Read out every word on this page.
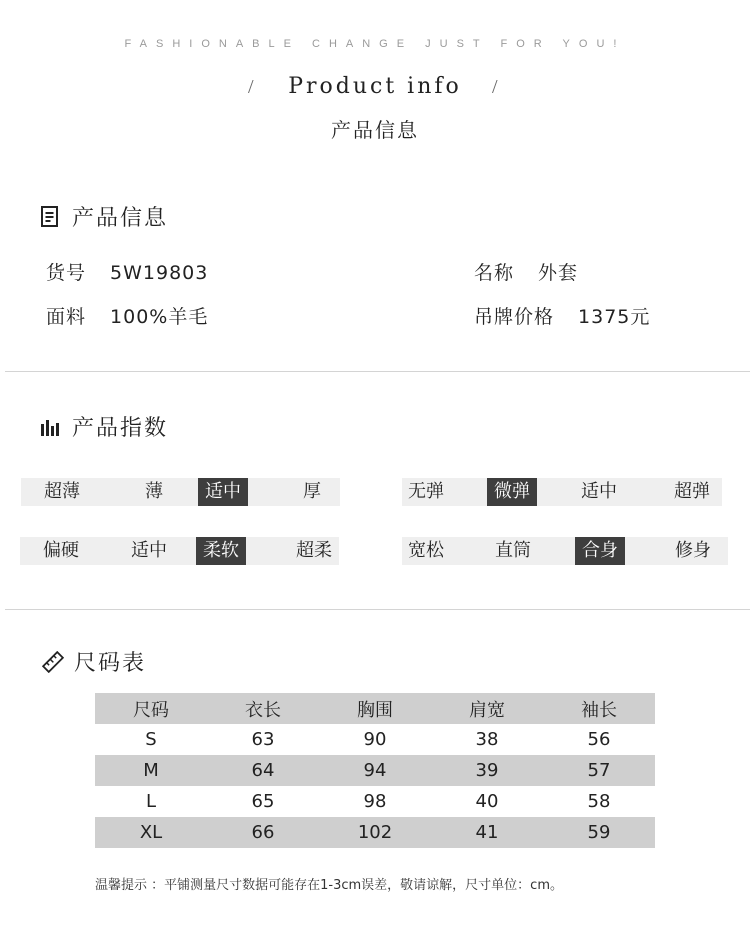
FASHIONABLE CHANGE JUST FOR YOU!
/ Product info /
产品信息
产品信息
货号 5W19803	名称 外套
面料 100%羊毛	吊牌价格 1375元
产品指数
超薄	薄	适中	厚	无弹	微弹	适中	超弹
偏硬	适中	柔软	超柔	宽松	直筒	合身	修身
尺码表
尺码	衣长	胸围	肩宽	袖长
S	63	90	38	56
M	64	94	39	57
L	65	98	40	58
XL	66	102	41	59
温馨提示 ：平铺测量尺寸数据可能存在1-3cm误差，敬请谅解，尺寸单位：cm。
